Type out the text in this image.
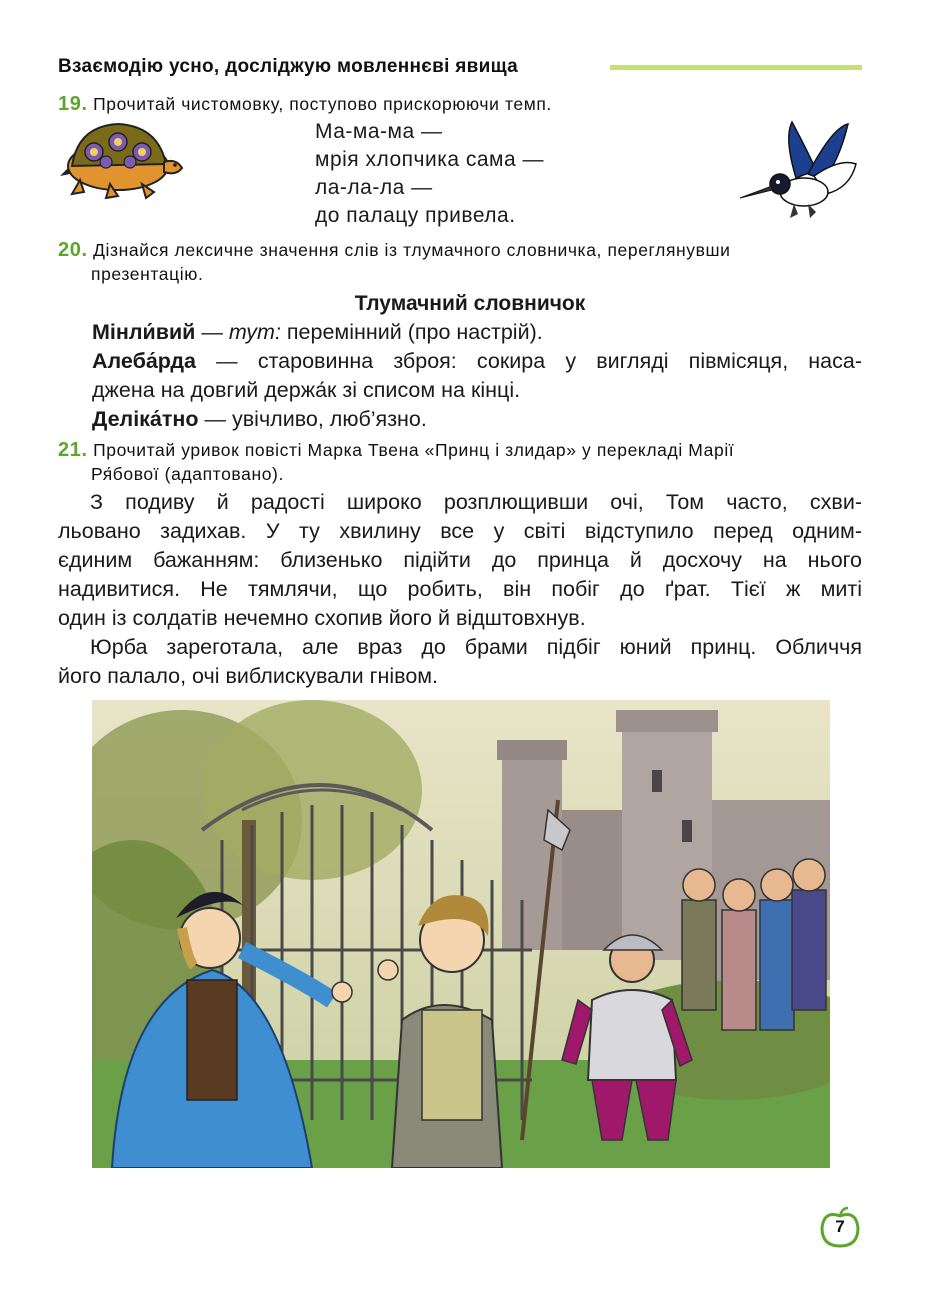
Взаємодію усно, досліджую мовленнєві явища
19. Прочитай чистомовку, поступово прискорюючи темп.
Ма-ма-ма —
мрія хлопчика сама —
ла-ла-ла —
до палацу привела.
20. Дізнайся лексичне значення слів із тлумачного словничка, переглянувши
презентацію.
Тлумачний словничок

Мінли́вий — тут: перемінний (про настрій).

Алеба́рда — старовинна зброя: сокира у вигляді півмісяця, наса-

джена на довгий держа́к зі списом на кінці.

Деліка́тно — увічливо, люб’язно.

21. Прочитай уривок повісті Марка Твена «Принц і злидар» у перекладі Марії
Ря́бової (адаптовано).

З подиву й радості широко розплющивши очі, Том часто, схви-

льовано задихав. У ту хвилину все у світі відступило перед одним-

єдиним бажанням: близенько підійти до принца й досхочу на нього

надивитися. Не тямлячи, що робить, він побіг до ґрат. Тієї ж миті

один із солдатів нечемно схопив його й відштовхнув.

Юрба зареготала, але враз до брами підбіг юний принц. Обличчя

його палало, очі виблискували гнівом.

7
